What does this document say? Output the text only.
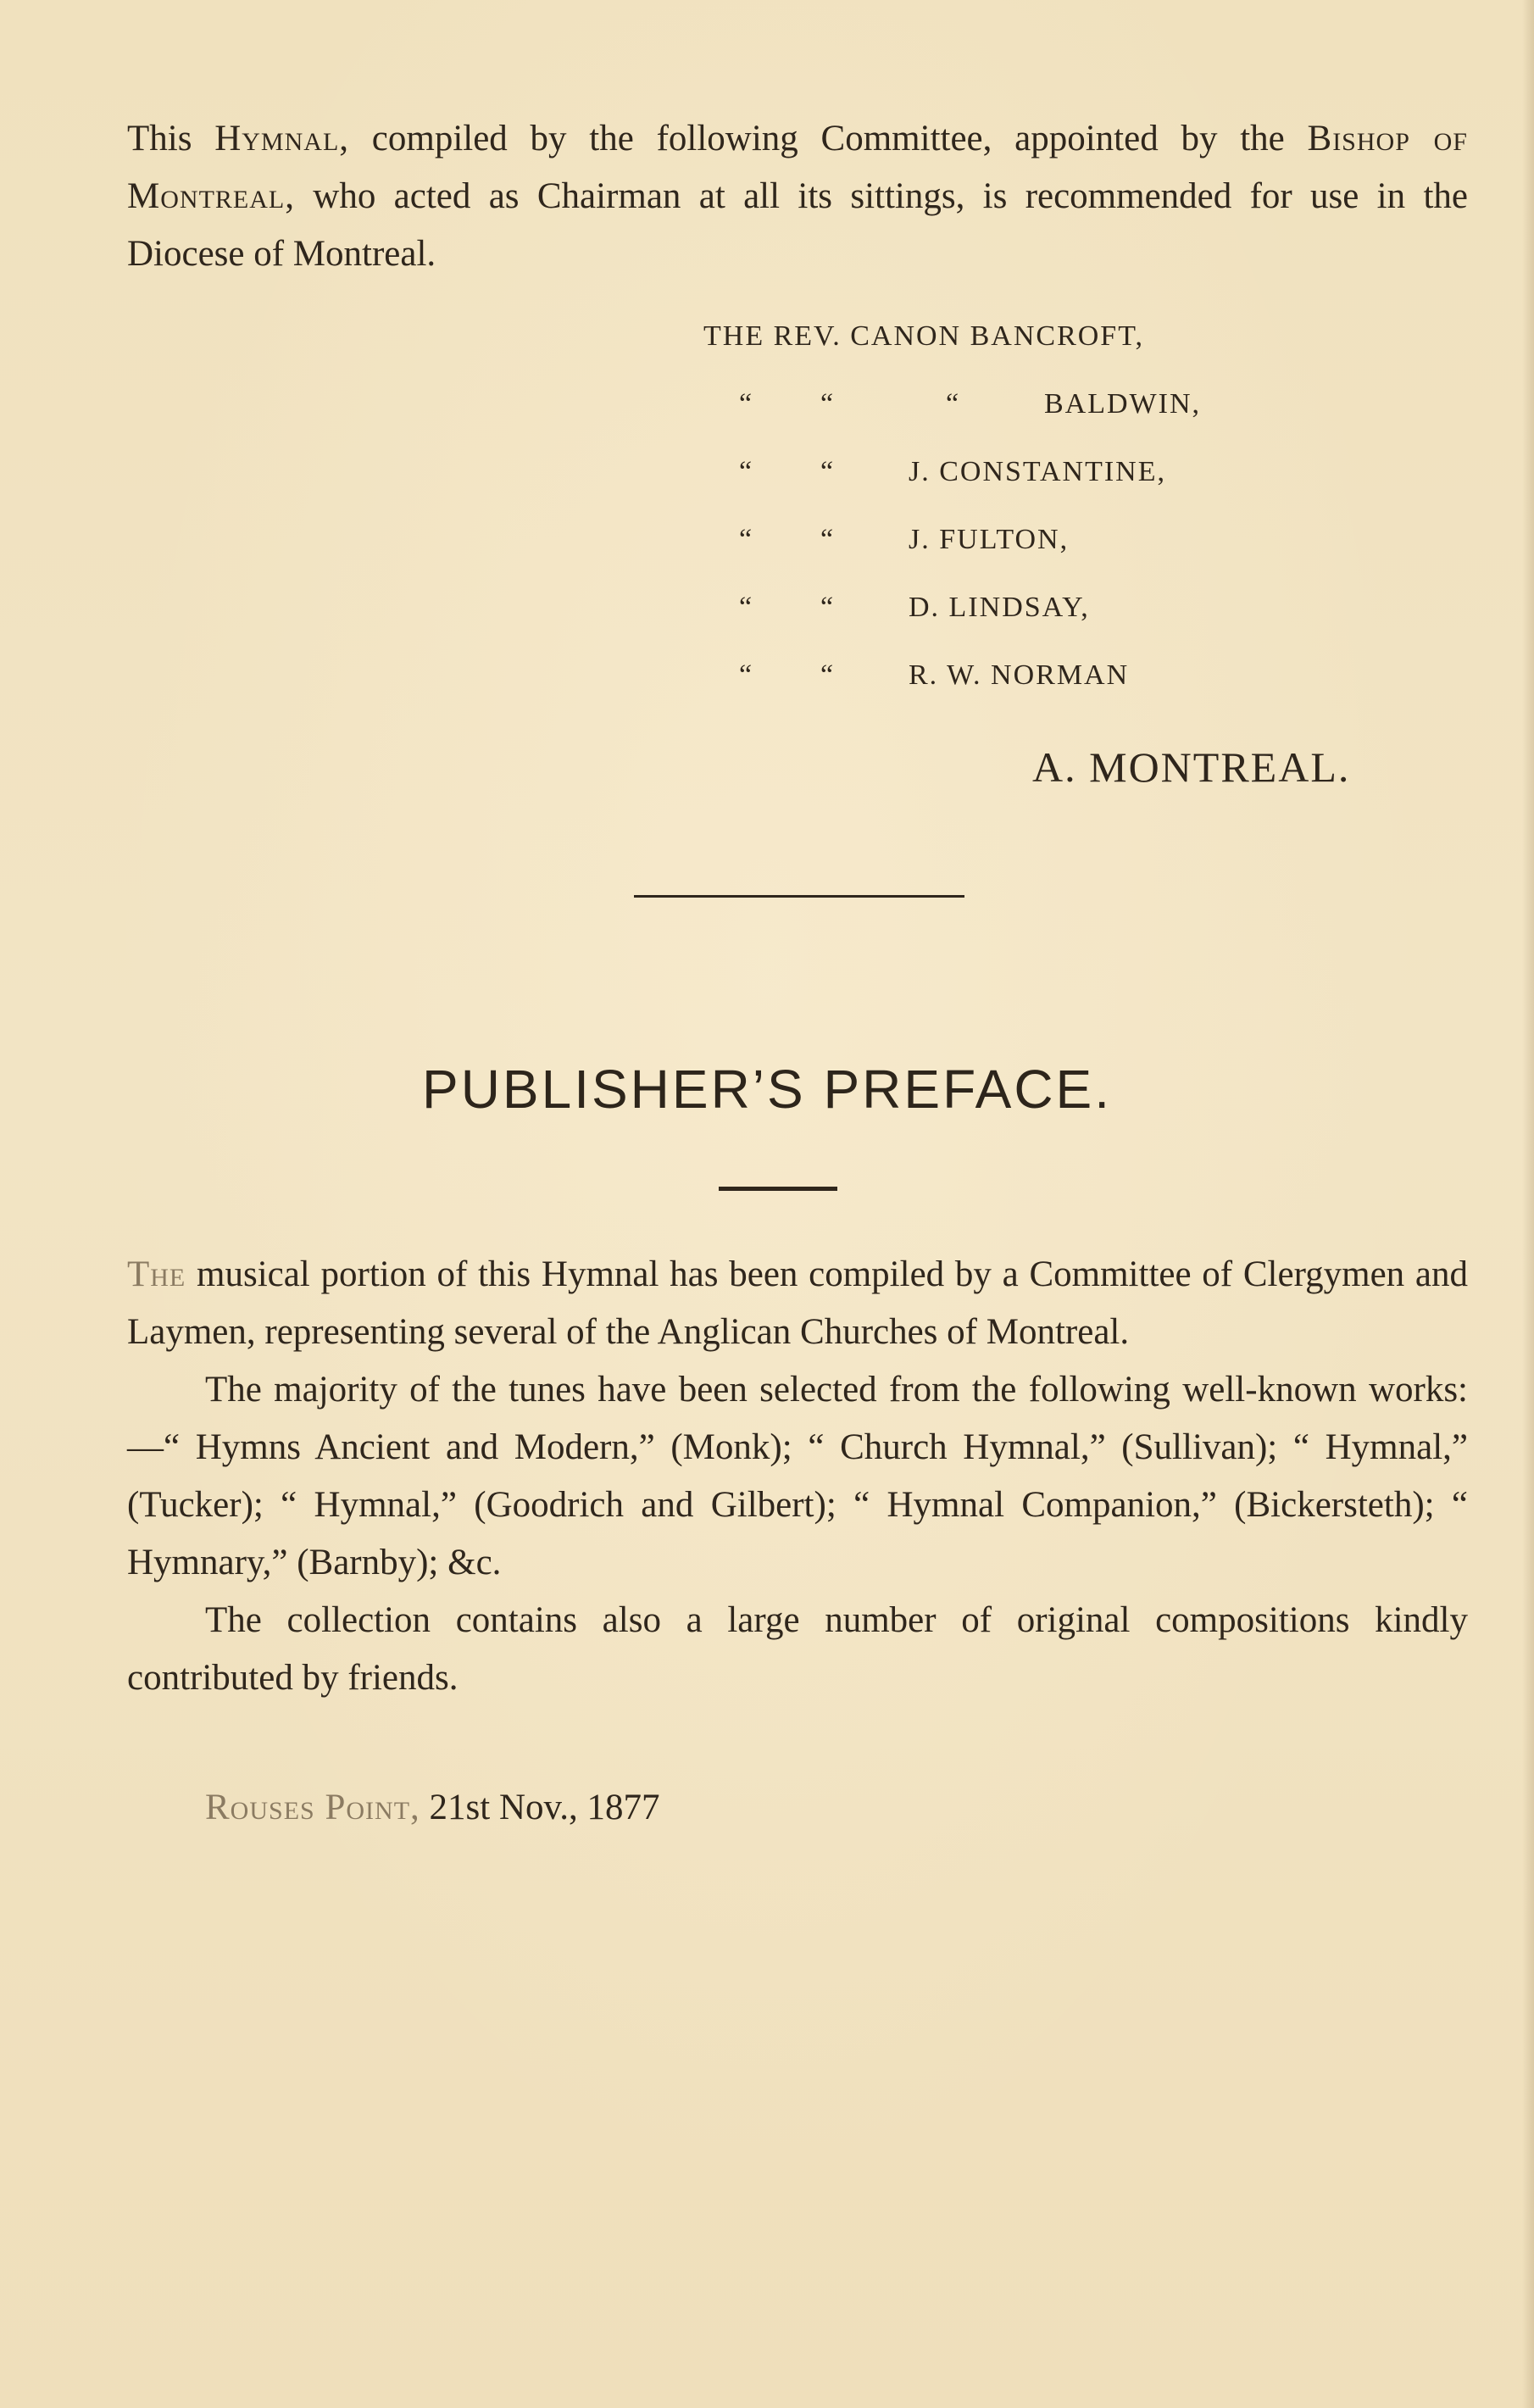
This Hymnal, compiled by the following Committee, appointed by the Bishop of Montreal, who acted as Chairman at all its sittings, is recommended for use in the Diocese of Montreal.

THE REV. CANON BANCROFT,
“ “	“	BALDWIN,
“ “	J. CONSTANTINE,
“ “	J. FULTON,
“ “	D. LINDSAY,
“ “	R. W. NORMAN
A. MONTREAL.
PUBLISHER’S PREFACE.

The musical portion of this Hymnal has been compiled by a Committee of Clergymen and Laymen, representing several of the Anglican Churches of Montreal.

The majority of the tunes have been selected from the following well-known works:—“ Hymns Ancient and Modern,” (Monk); “ Church Hymnal,” (Sullivan); “ Hymnal,” (Tucker); “ Hymnal,” (Goodrich and Gilbert); “ Hymnal Companion,” (Bickersteth); “ Hymnary,” (Barnby); &c.

The collection contains also a large number of original compositions kindly contributed by friends.

Rouses Point, 21st Nov., 1877
